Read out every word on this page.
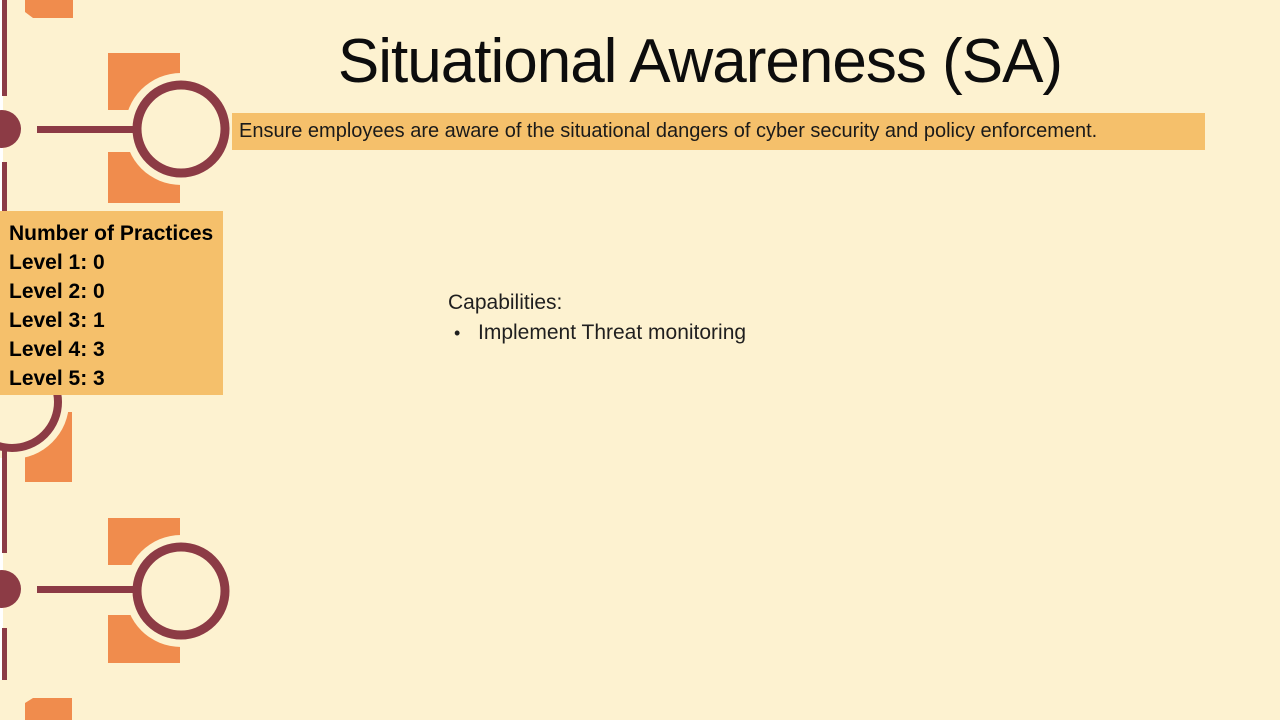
Situational Awareness (SA)
Ensure employees are aware of the situational dangers of cyber security and policy enforcement.
Number of Practices
Level 1: 0
Level 2: 0
Level 3: 1
Level 4: 3
Level 5: 3
Capabilities:
• Implement Threat monitoring
